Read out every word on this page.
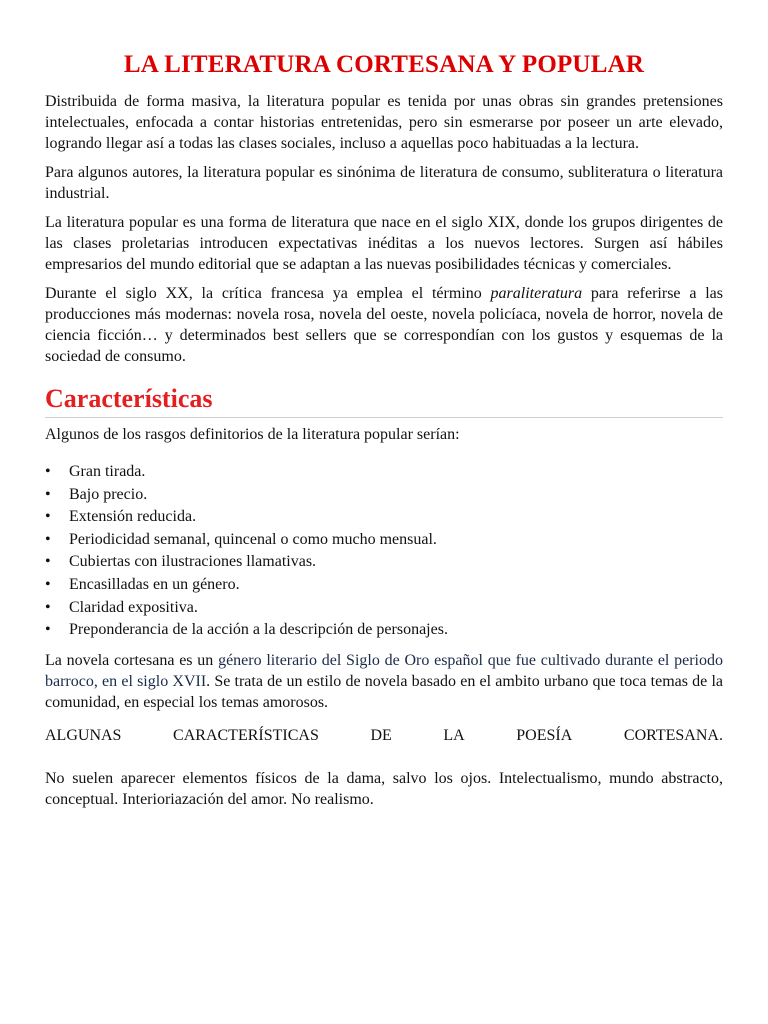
LA LITERATURA CORTESANA Y POPULAR

Distribuida de forma masiva, la literatura popular es tenida por unas obras sin grandes pretensiones intelectuales, enfocada a contar historias entretenidas, pero sin esmerarse por poseer un arte elevado, logrando llegar así a todas las clases sociales, incluso a aquellas poco habituadas a la lectura.

Para algunos autores, la literatura popular es sinónima de literatura de consumo, subliteratura o literatura industrial.

La literatura popular es una forma de literatura que nace en el siglo XIX, donde los grupos dirigentes de las clases proletarias introducen expectativas inéditas a los nuevos lectores. Surgen así hábiles empresarios del mundo editorial que se adaptan a las nuevas posibilidades técnicas y comerciales.

Durante el siglo XX, la crítica francesa ya emplea el término paraliteratura para referirse a las producciones más modernas: novela rosa, novela del oeste, novela policíaca, novela de horror, novela de ciencia ficción… y determinados best sellers que se correspondían con los gustos y esquemas de la sociedad de consumo.

Características

Algunos de los rasgos definitorios de la literatura popular serían:

• Gran tirada.
• Bajo precio.
• Extensión reducida.
• Periodicidad semanal, quincenal o como mucho mensual.
• Cubiertas con ilustraciones llamativas.
• Encasilladas en un género.
• Claridad expositiva.
• Preponderancia de la acción a la descripción de personajes.

La novela cortesana es un género literario del Siglo de Oro español que fue cultivado durante el periodo barroco, en el siglo XVII. Se trata de un estilo de novela basado en el ambito urbano que toca temas de la comunidad, en especial los temas amorosos.

ALGUNAS	CARACTERÍSTICAS	DE	LA	POESÍA	CORTESANA.

No suelen aparecer elementos físicos de la dama, salvo los ojos. Intelectualismo, mundo abstracto, conceptual. Interioriazación del amor. No realismo.
